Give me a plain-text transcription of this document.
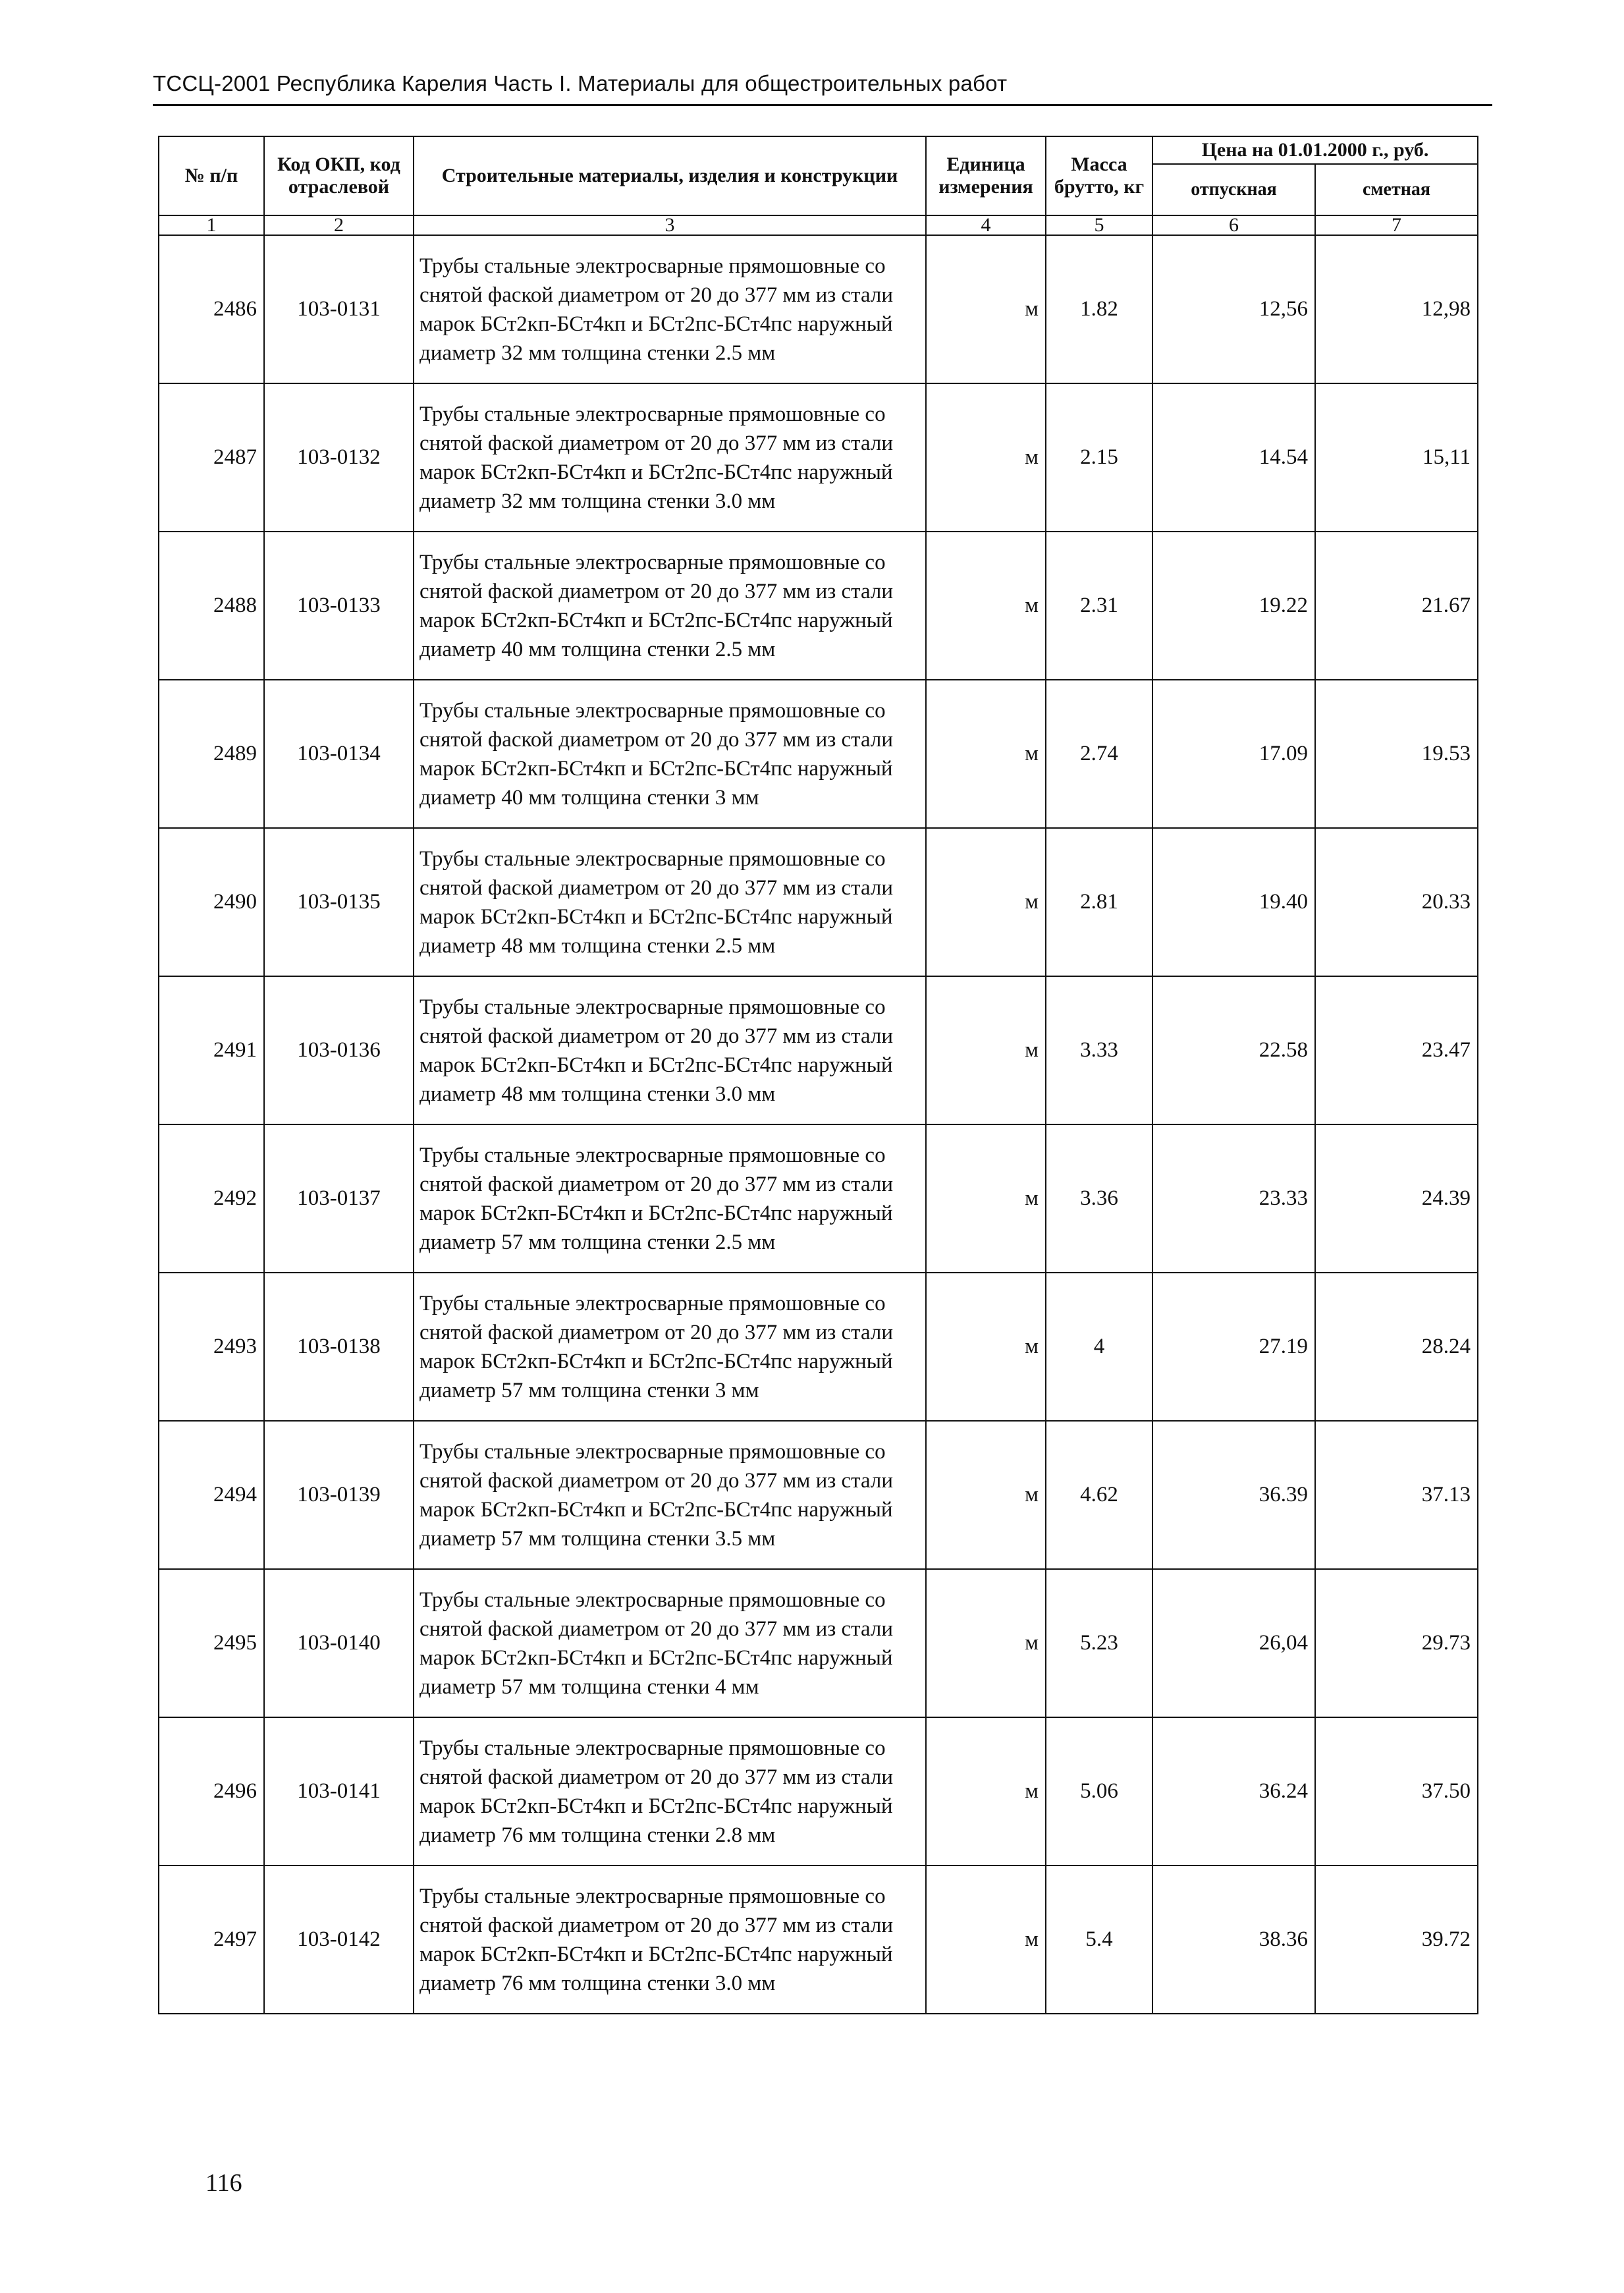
ТССЦ-2001 Республика Карелия Часть I. Материалы для общестроительных работ
№ п/п	Код ОКП, код отраслевой	Строительные материалы, изделия и конструкции	Единица измерения	Масса брутто, кг	Цена на 01.01.2000 г., руб.	
					отпускная	сметная
1	2	3	4	5	6	7
2486	103-0131	Трубы стальные электросварные прямошовные со снятой фаской диаметром от 20 до 377 мм из стали марок БСт2кп-БСт4кп и БСт2пс-БСт4пс наружный диаметр 32 мм толщина стенки 2.5 мм	м	1.82	12,56	12,98
2487	103-0132	Трубы стальные электросварные прямошовные со снятой фаской диаметром от 20 до 377 мм из стали марок БСт2кп-БСт4кп и БСт2пс-БСт4пс наружный диаметр 32 мм толщина стенки 3.0 мм	м	2.15	14.54	15,11
2488	103-0133	Трубы стальные электросварные прямошовные со снятой фаской диаметром от 20 до 377 мм из стали марок БСт2кп-БСт4кп и БСт2пс-БСт4пс наружный диаметр 40 мм толщина стенки 2.5 мм	м	2.31	19.22	21.67
2489	103-0134	Трубы стальные электросварные прямошовные со снятой фаской диаметром от 20 до 377 мм из стали марок БСт2кп-БСт4кп и БСт2пс-БСт4пс наружный диаметр 40 мм толщина стенки 3 мм	м	2.74	17.09	19.53
2490	103-0135	Трубы стальные электросварные прямошовные со снятой фаской диаметром от 20 до 377 мм из стали марок БСт2кп-БСт4кп и БСт2пс-БСт4пс наружный диаметр 48 мм толщина стенки 2.5 мм	м	2.81	19.40	20.33
2491	103-0136	Трубы стальные электросварные прямошовные со снятой фаской диаметром от 20 до 377 мм из стали марок БСт2кп-БСт4кп и БСт2пс-БСт4пс наружный диаметр 48 мм толщина стенки 3.0 мм	м	3.33	22.58	23.47
2492	103-0137	Трубы стальные электросварные прямошовные со снятой фаской диаметром от 20 до 377 мм из стали марок БСт2кп-БСт4кп и БСт2пс-БСт4пс наружный диаметр 57 мм толщина стенки 2.5 мм	м	3.36	23.33	24.39
2493	103-0138	Трубы стальные электросварные прямошовные со снятой фаской диаметром от 20 до 377 мм из стали марок БСт2кп-БСт4кп и БСт2пс-БСт4пс наружный диаметр 57 мм толщина стенки 3 мм	м	4	27.19	28.24
2494	103-0139	Трубы стальные электросварные прямошовные со снятой фаской диаметром от 20 до 377 мм из стали марок БСт2кп-БСт4кп и БСт2пс-БСт4пс наружный диаметр 57 мм толщина стенки 3.5 мм	м	4.62	36.39	37.13
2495	103-0140	Трубы стальные электросварные прямошовные со снятой фаской диаметром от 20 до 377 мм из стали марок БСт2кп-БСт4кп и БСт2пс-БСт4пс наружный диаметр 57 мм толщина стенки 4 мм	м	5.23	26,04	29.73
2496	103-0141	Трубы стальные электросварные прямошовные со снятой фаской диаметром от 20 до 377 мм из стали марок БСт2кп-БСт4кп и БСт2пс-БСт4пс наружный диаметр 76 мм толщина стенки 2.8 мм	м	5.06	36.24	37.50
2497	103-0142	Трубы стальные электросварные прямошовные со снятой фаской диаметром от 20 до 377 мм из стали марок БСт2кп-БСт4кп и БСт2пс-БСт4пс наружный диаметр 76 мм толщина стенки 3.0 мм	м	5.4	38.36	39.72
116
